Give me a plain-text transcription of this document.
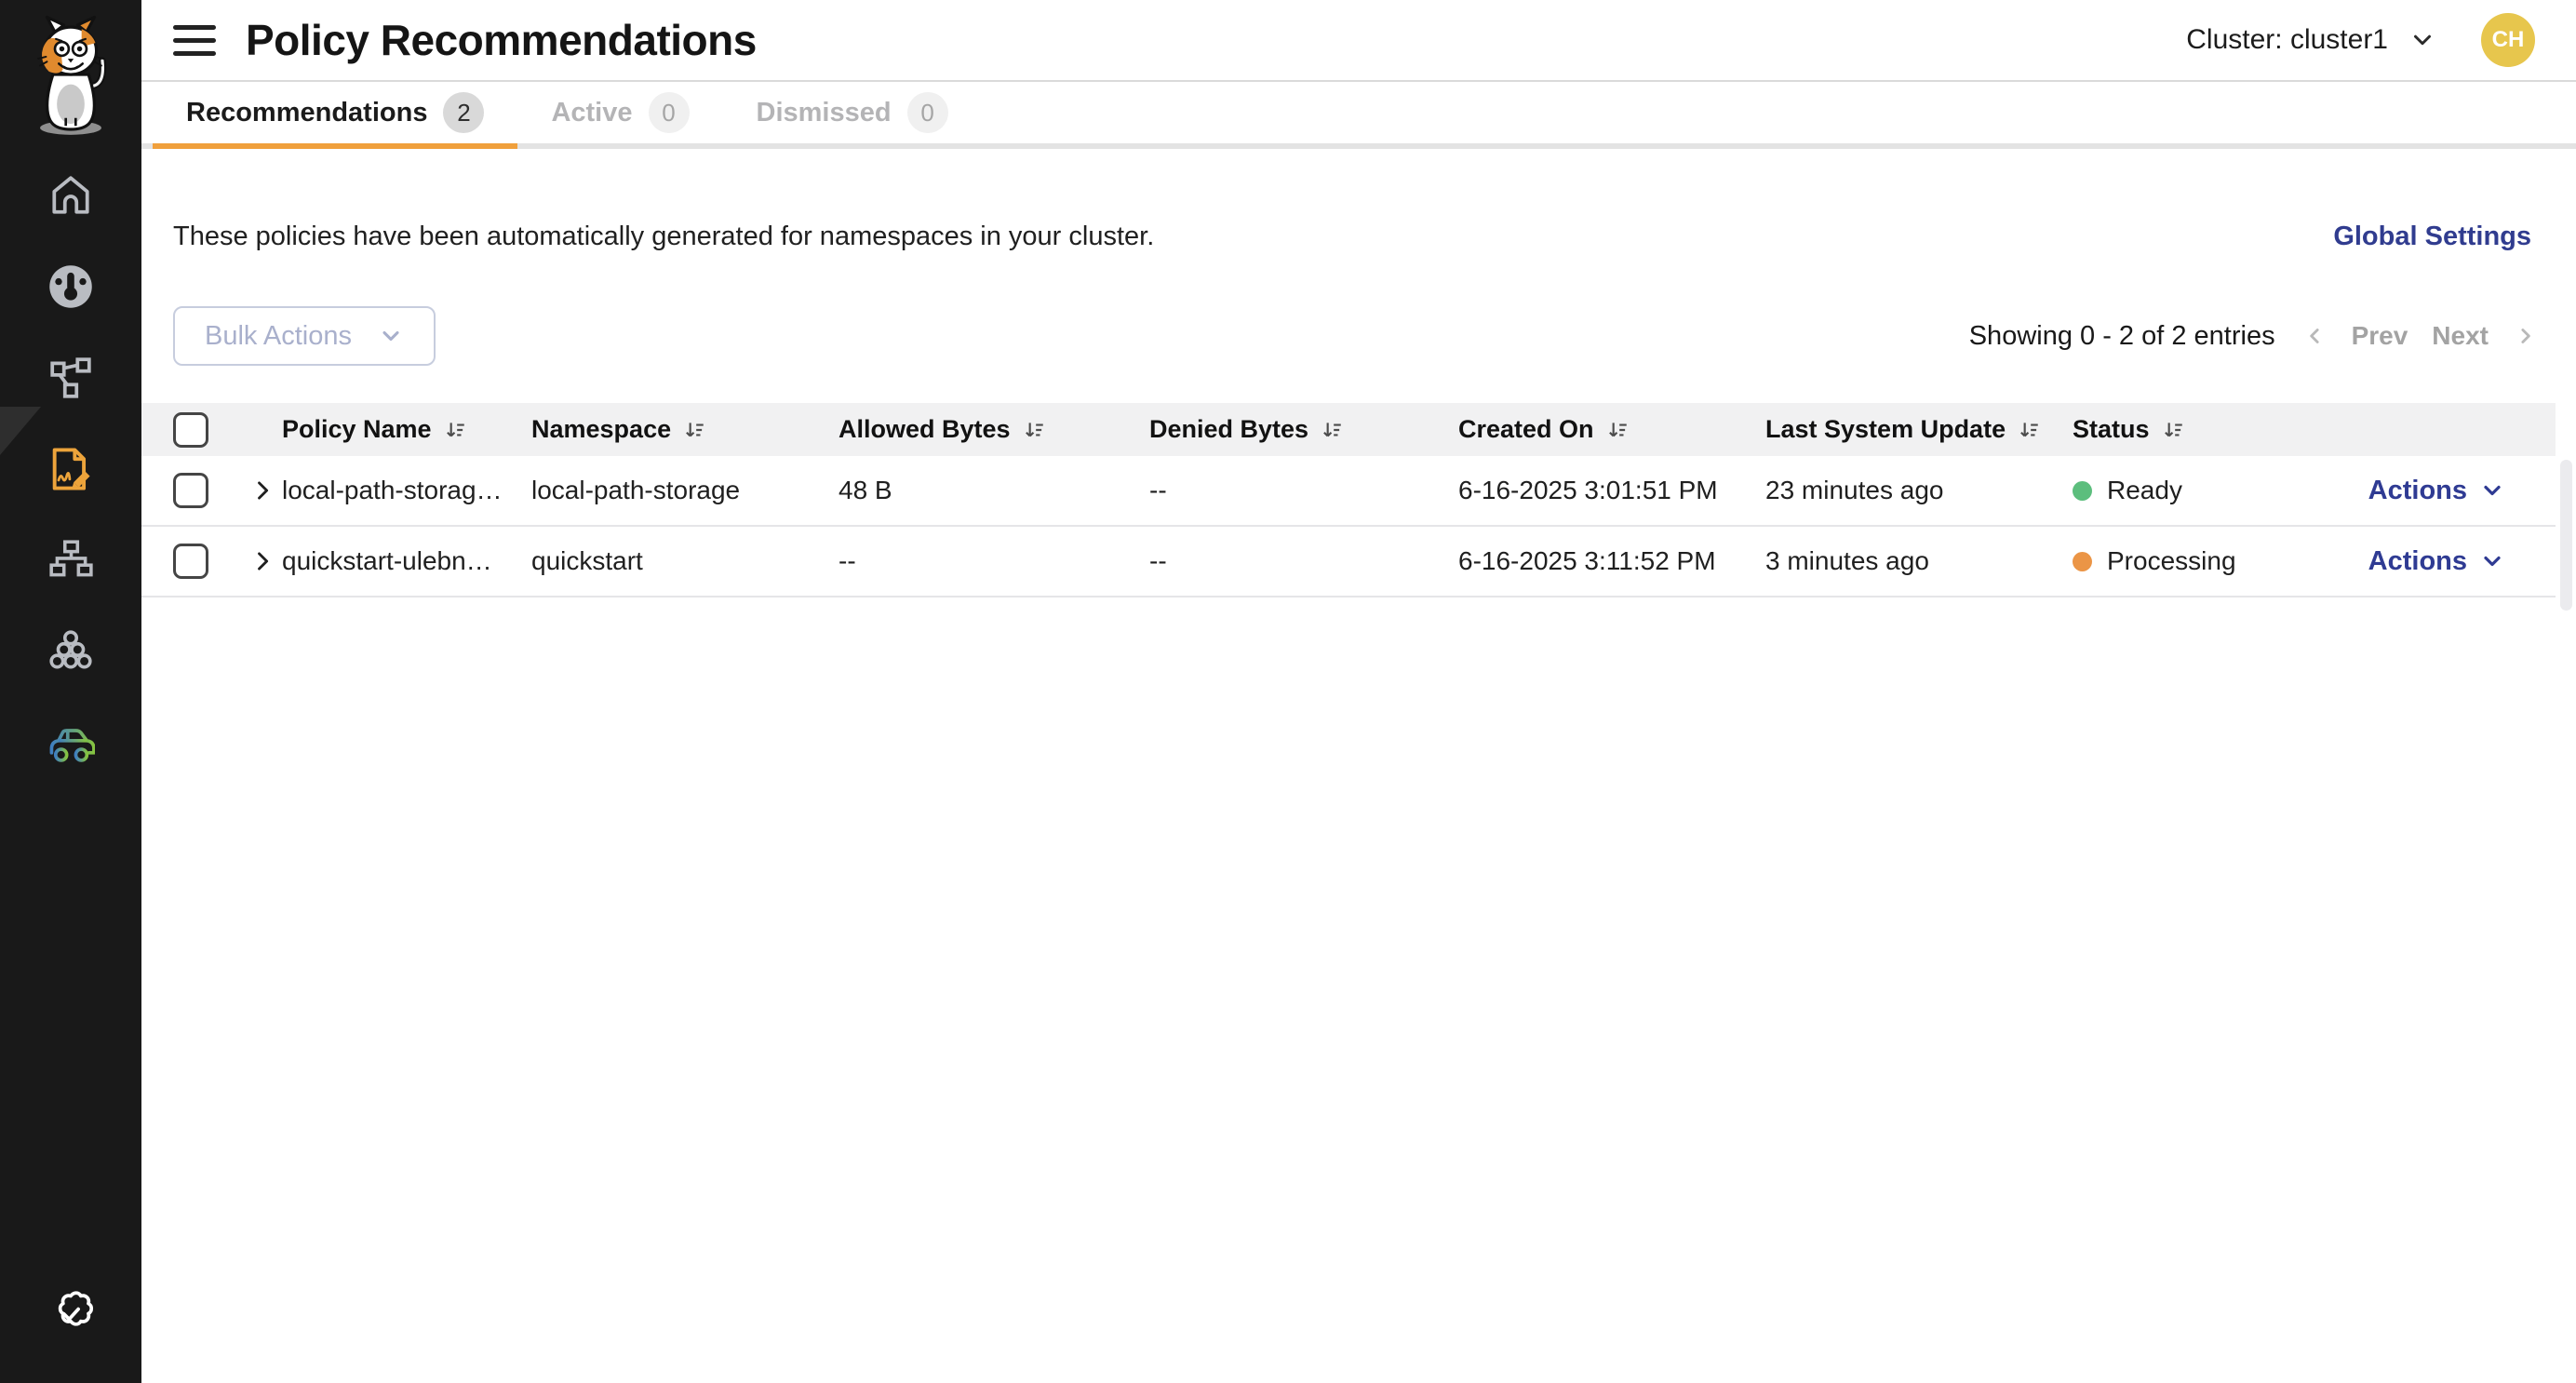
Policy Recommendations	Cluster: cluster1	CH
Recommendations	2	Active	0	Dismissed	0
These policies have been automatically generated for namespaces in your cluster.	Global Settings
Bulk Actions	Showing 0 - 2 of 2 entries	Prev Next
Policy Name	Namespace	Allowed Bytes	Denied Bytes	Created On	Last System Update	Status
local-path-storag…	local-path-storage	48 B	--	6-16-2025 3:01:51 PM	23 minutes ago	Ready	Actions
quickstart-ulebn…	quickstart	--	--	6-16-2025 3:11:52 PM	3 minutes ago	Processing	Actions
